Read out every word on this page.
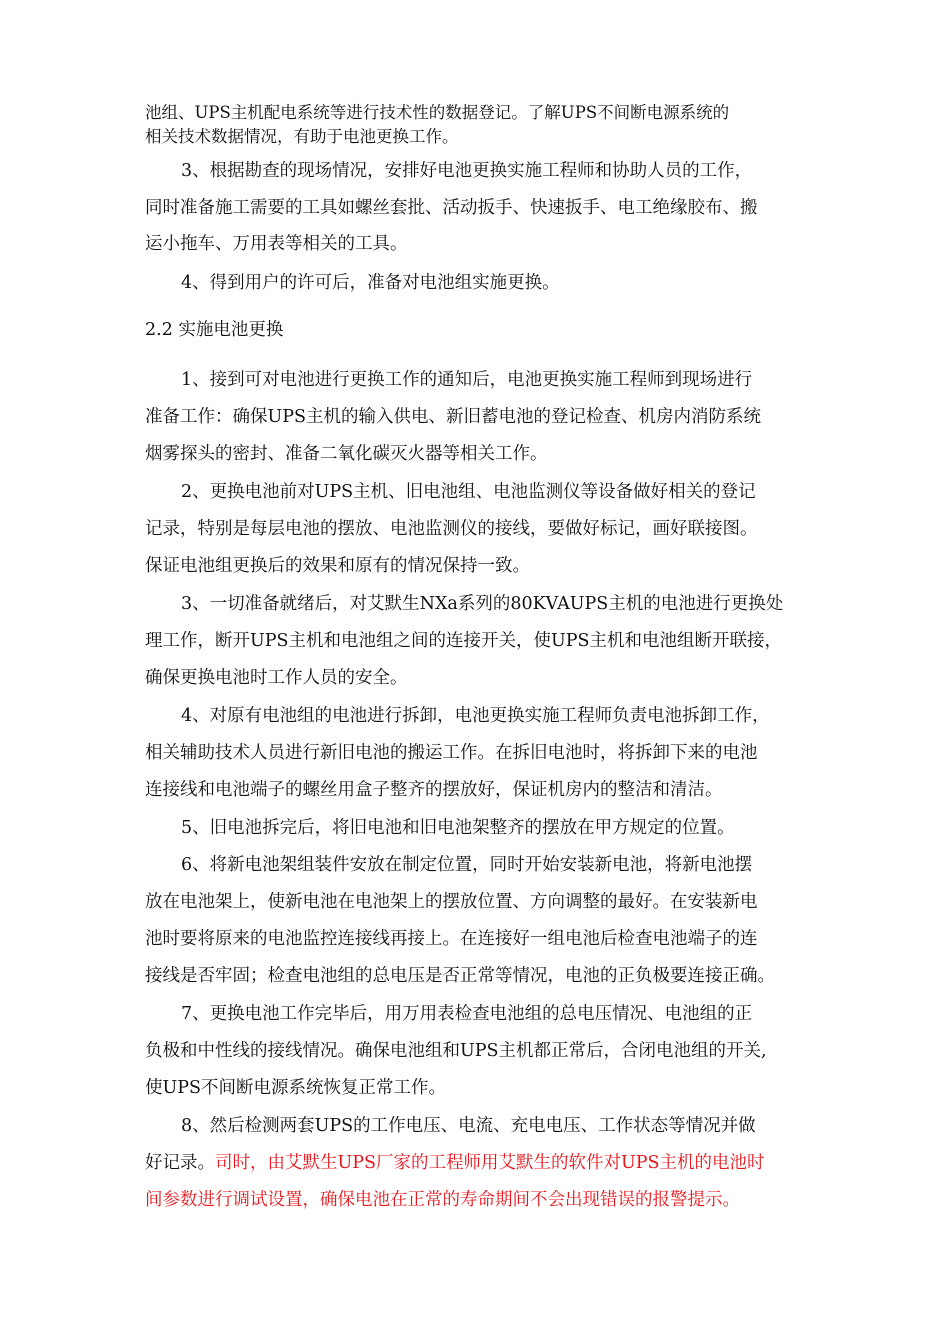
池组、UPS主机配电系统等进行技术性的数据登记。了解UPS不间断电源系统的
相关技术数据情况，有助于电池更换工作。
3、根据勘查的现场情况，安排好电池更换实施工程师和协助人员的工作，
同时准备施工需要的工具如螺丝套批、活动扳手、快速扳手、电工绝缘胶布、搬
运小拖车、万用表等相关的工具。
4、得到用户的许可后，准备对电池组实施更换。
2.2 实施电池更换
1、接到可对电池进行更换工作的通知后，电池更换实施工程师到现场进行
准备工作：确保UPS主机的输入供电、新旧蓄电池的登记检查、机房内消防系统
烟雾探头的密封、准备二氧化碳灭火器等相关工作。
2、更换电池前对UPS主机、旧电池组、电池监测仪等设备做好相关的登记
记录，特别是每层电池的摆放、电池监测仪的接线，要做好标记，画好联接图。
保证电池组更换后的效果和原有的情况保持一致。
3、一切准备就绪后，对艾默生NXa系列的80KVAUPS主机的电池进行更换处
理工作，断开UPS主机和电池组之间的连接开关，使UPS主机和电池组断开联接，
确保更换电池时工作人员的安全。
4、对原有电池组的电池进行拆卸，电池更换实施工程师负责电池拆卸工作，
相关辅助技术人员进行新旧电池的搬运工作。在拆旧电池时，将拆卸下来的电池
连接线和电池端子的螺丝用盒子整齐的摆放好，保证机房内的整洁和清洁。
5、旧电池拆完后，将旧电池和旧电池架整齐的摆放在甲方规定的位置。
6、将新电池架组装件安放在制定位置，同时开始安装新电池，将新电池摆
放在电池架上，使新电池在电池架上的摆放位置、方向调整的最好。在安装新电
池时要将原来的电池监控连接线再接上。在连接好一组电池后检查电池端子的连
接线是否牢固；检查电池组的总电压是否正常等情况，电池的正负极要连接正确。
7、更换电池工作完毕后，用万用表检查电池组的总电压情况、电池组的正
负极和中性线的接线情况。确保电池组和UPS主机都正常后，合闭电池组的开关,
使UPS不间断电源系统恢复正常工作。
8、然后检测两套UPS的工作电压、电流、充电电压、工作状态等情况并做
好记录。司时，由艾默生UPS厂家的工程师用艾默生的软件对UPS主机的电池时
间参数进行调试设置，确保电池在正常的寿命期间不会出现错误的报警提示。
